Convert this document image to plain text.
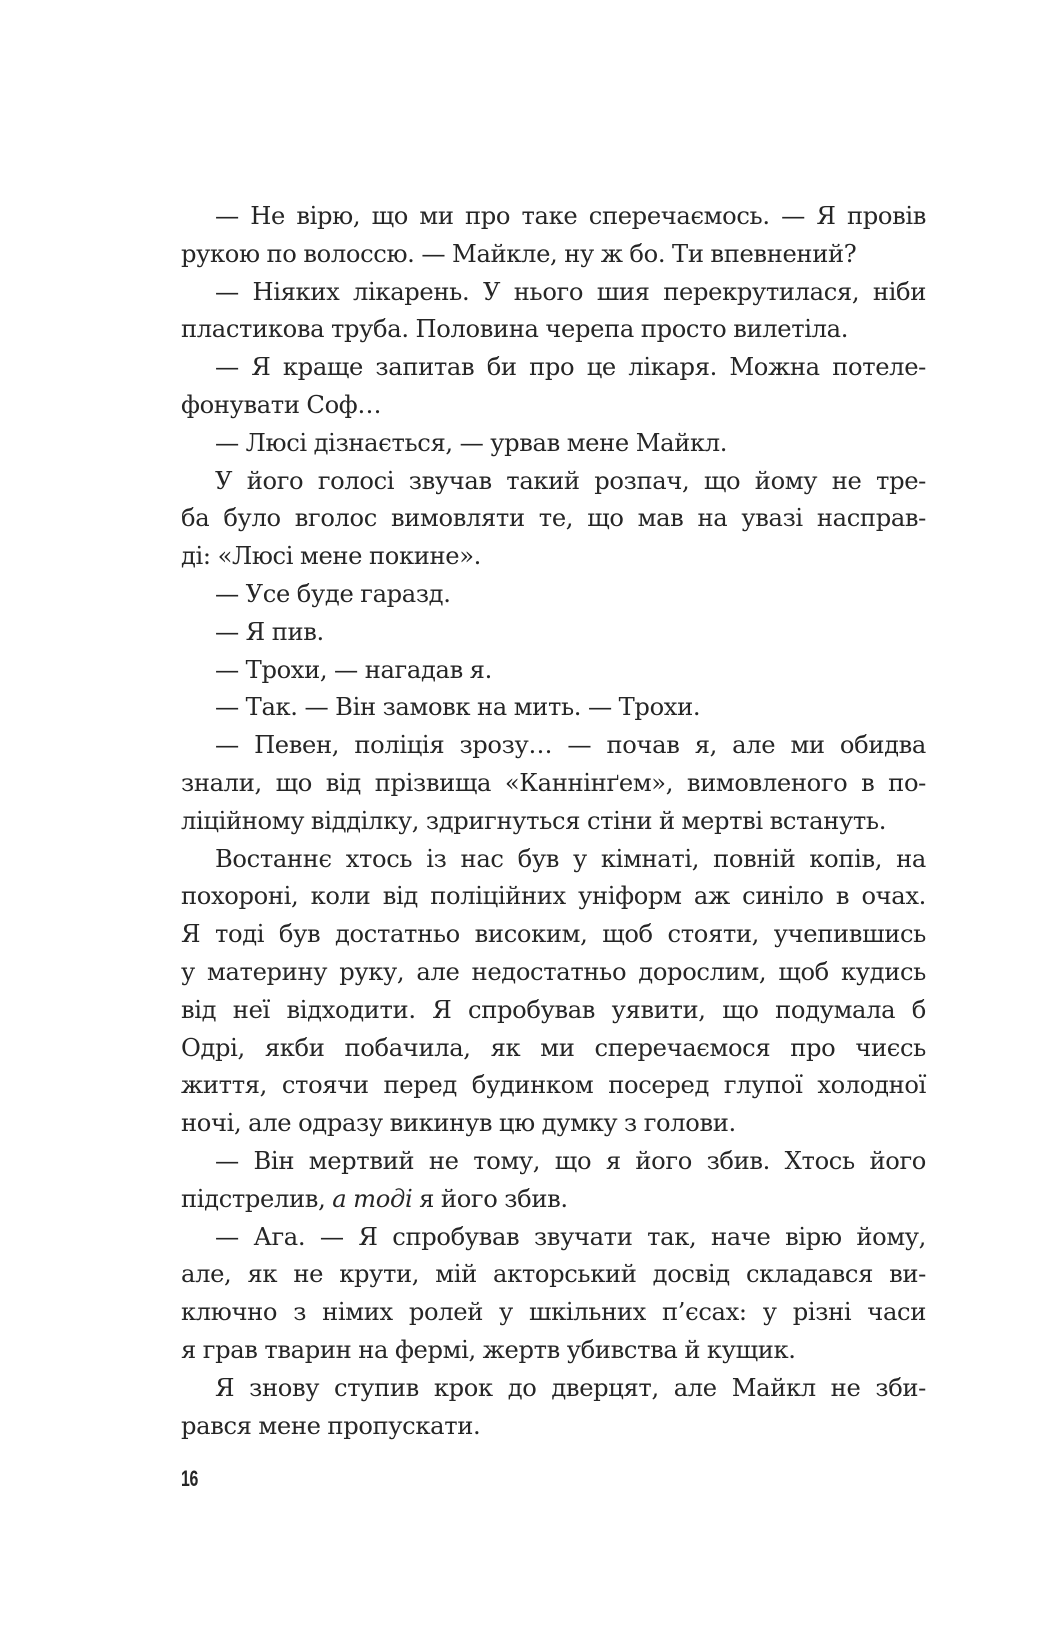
— Не вірю, що ми про таке сперечаємось. — Я провів
рукою по волоссю. — Майкле, ну ж бо. Ти впевнений?
— Ніяких лікарень. У нього шия перекрутилася, ніби
пластикова труба. Половина черепа просто вилетіла.
— Я краще запитав би про це лікаря. Можна потеле-
фонувати Соф…
— Люсі дізнається, — урвав мене Майкл.
У його голосі звучав такий розпач, що йому не тре-
ба було вголос вимовляти те, що мав на увазі насправ-
ді: «Люсі мене покине».
— Усе буде гаразд.
— Я пив.
— Трохи, — нагадав я.
— Так. — Він замовк на мить. — Трохи.
— Певен, поліція зрозу… — почав я, але ми обидва
знали, що від прізвища «Каннінґем», вимовленого в по-
ліційному відділку, здригнуться стіни й мертві встануть.
Востаннє хтось із нас був у кімнаті, повній копів, на
похороні, коли від поліційних уніформ аж синіло в очах.
Я тоді був достатньо високим, щоб стояти, учепившись
у материну руку, але недостатньо дорослим, щоб кудись
від неї відходити. Я спробував уявити, що подумала б
Одрі, якби побачила, як ми сперечаємося про чиєсь
життя, стоячи перед будинком посеред глупої холодної
ночі, але одразу викинув цю думку з голови.
— Він мертвий не тому, що я його збив. Хтось його
підстрелив, а тоді я його збив.
— Ага. — Я спробував звучати так, наче вірю йому,
але, як не крути, мій акторський досвід складався ви-
ключно з німих ролей у шкільних п’єсах: у різні часи
я грав тварин на фермі, жертв убивства й кущик.
Я знову ступив крок до дверцят, але Майкл не зби-
рався мене пропускати.
16
